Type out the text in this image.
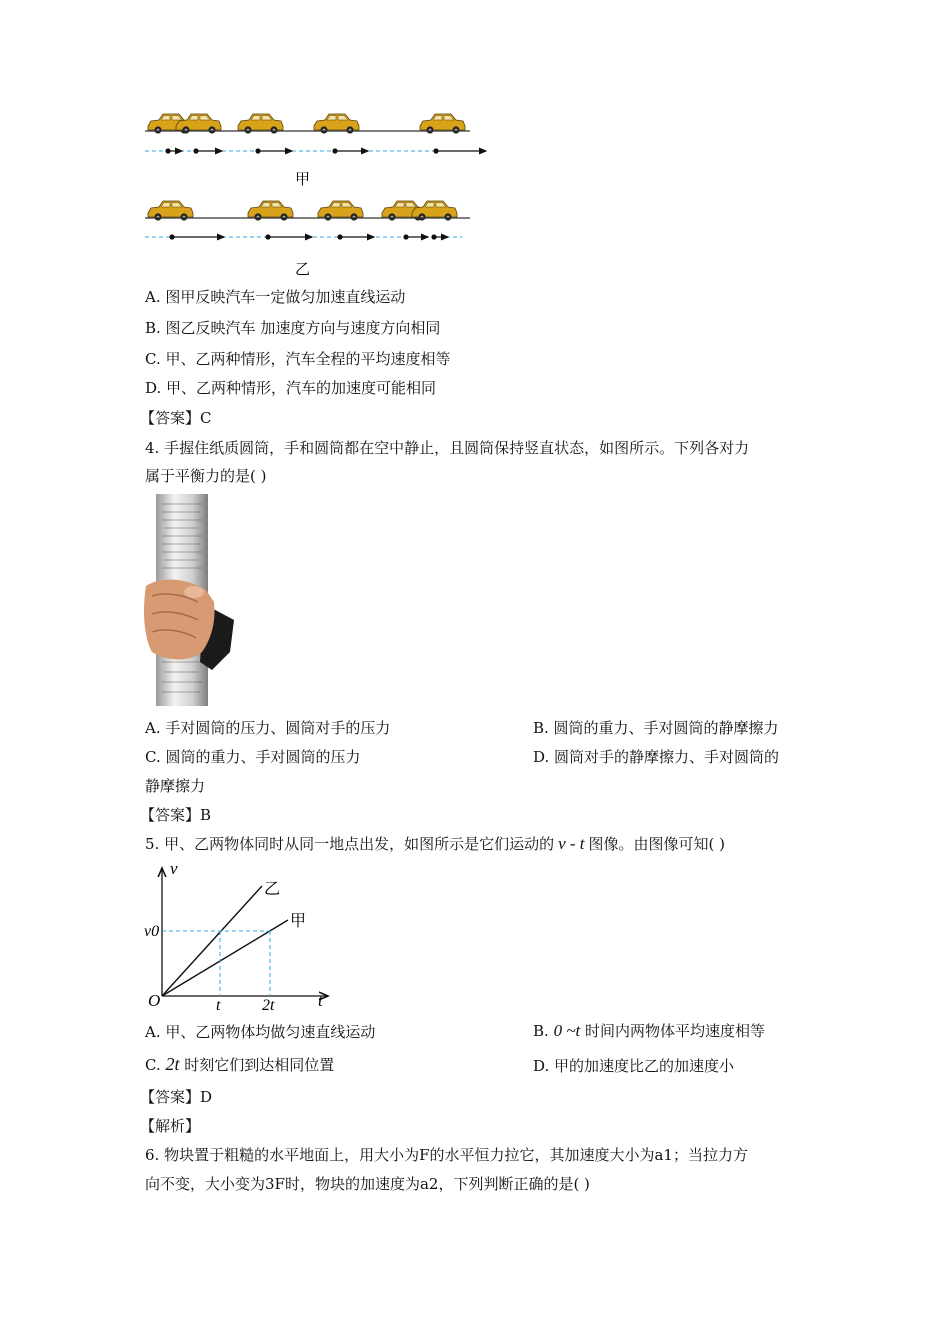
甲
乙
A. 图甲反映汽车一定做匀加速直线运动
B. 图乙反映汽车 加速度方向与速度方向相同
C. 甲、乙两种情形，汽车全程的平均速度相等
D. 甲、乙两种情形，汽车的加速度可能相同
【答案】C
4. 手握住纸质圆筒，手和圆筒都在空中静止，且圆筒保持竖直状态，如图所示。下列各对力
属于平衡力的是( )
A. 手对圆筒的压力、圆筒对手的压力	B. 圆筒的重力、手对圆筒的静摩擦力
C. 圆筒的重力、手对圆筒的压力	D. 圆筒对手的静摩擦力、手对圆筒的
静摩擦力
【答案】B
5. 甲、乙两物体同时从同一地点出发，如图所示是它们运动的 v - t 图像。由图像可知( )
v
t
v0
O	t	2t
乙
甲
A. 甲、乙两物体均做匀速直线运动	B. 0 ~t 时间内两物体平均速度相等
C. 2t 时刻它们到达相同位置	D. 甲的加速度比乙的加速度小
【答案】D
【解析】
6. 物块置于粗糙的水平地面上，用大小为F的水平恒力拉它，其加速度大小为a1；当拉力方
向不变，大小变为3F时，物块的加速度为a2，下列判断正确的是( )
